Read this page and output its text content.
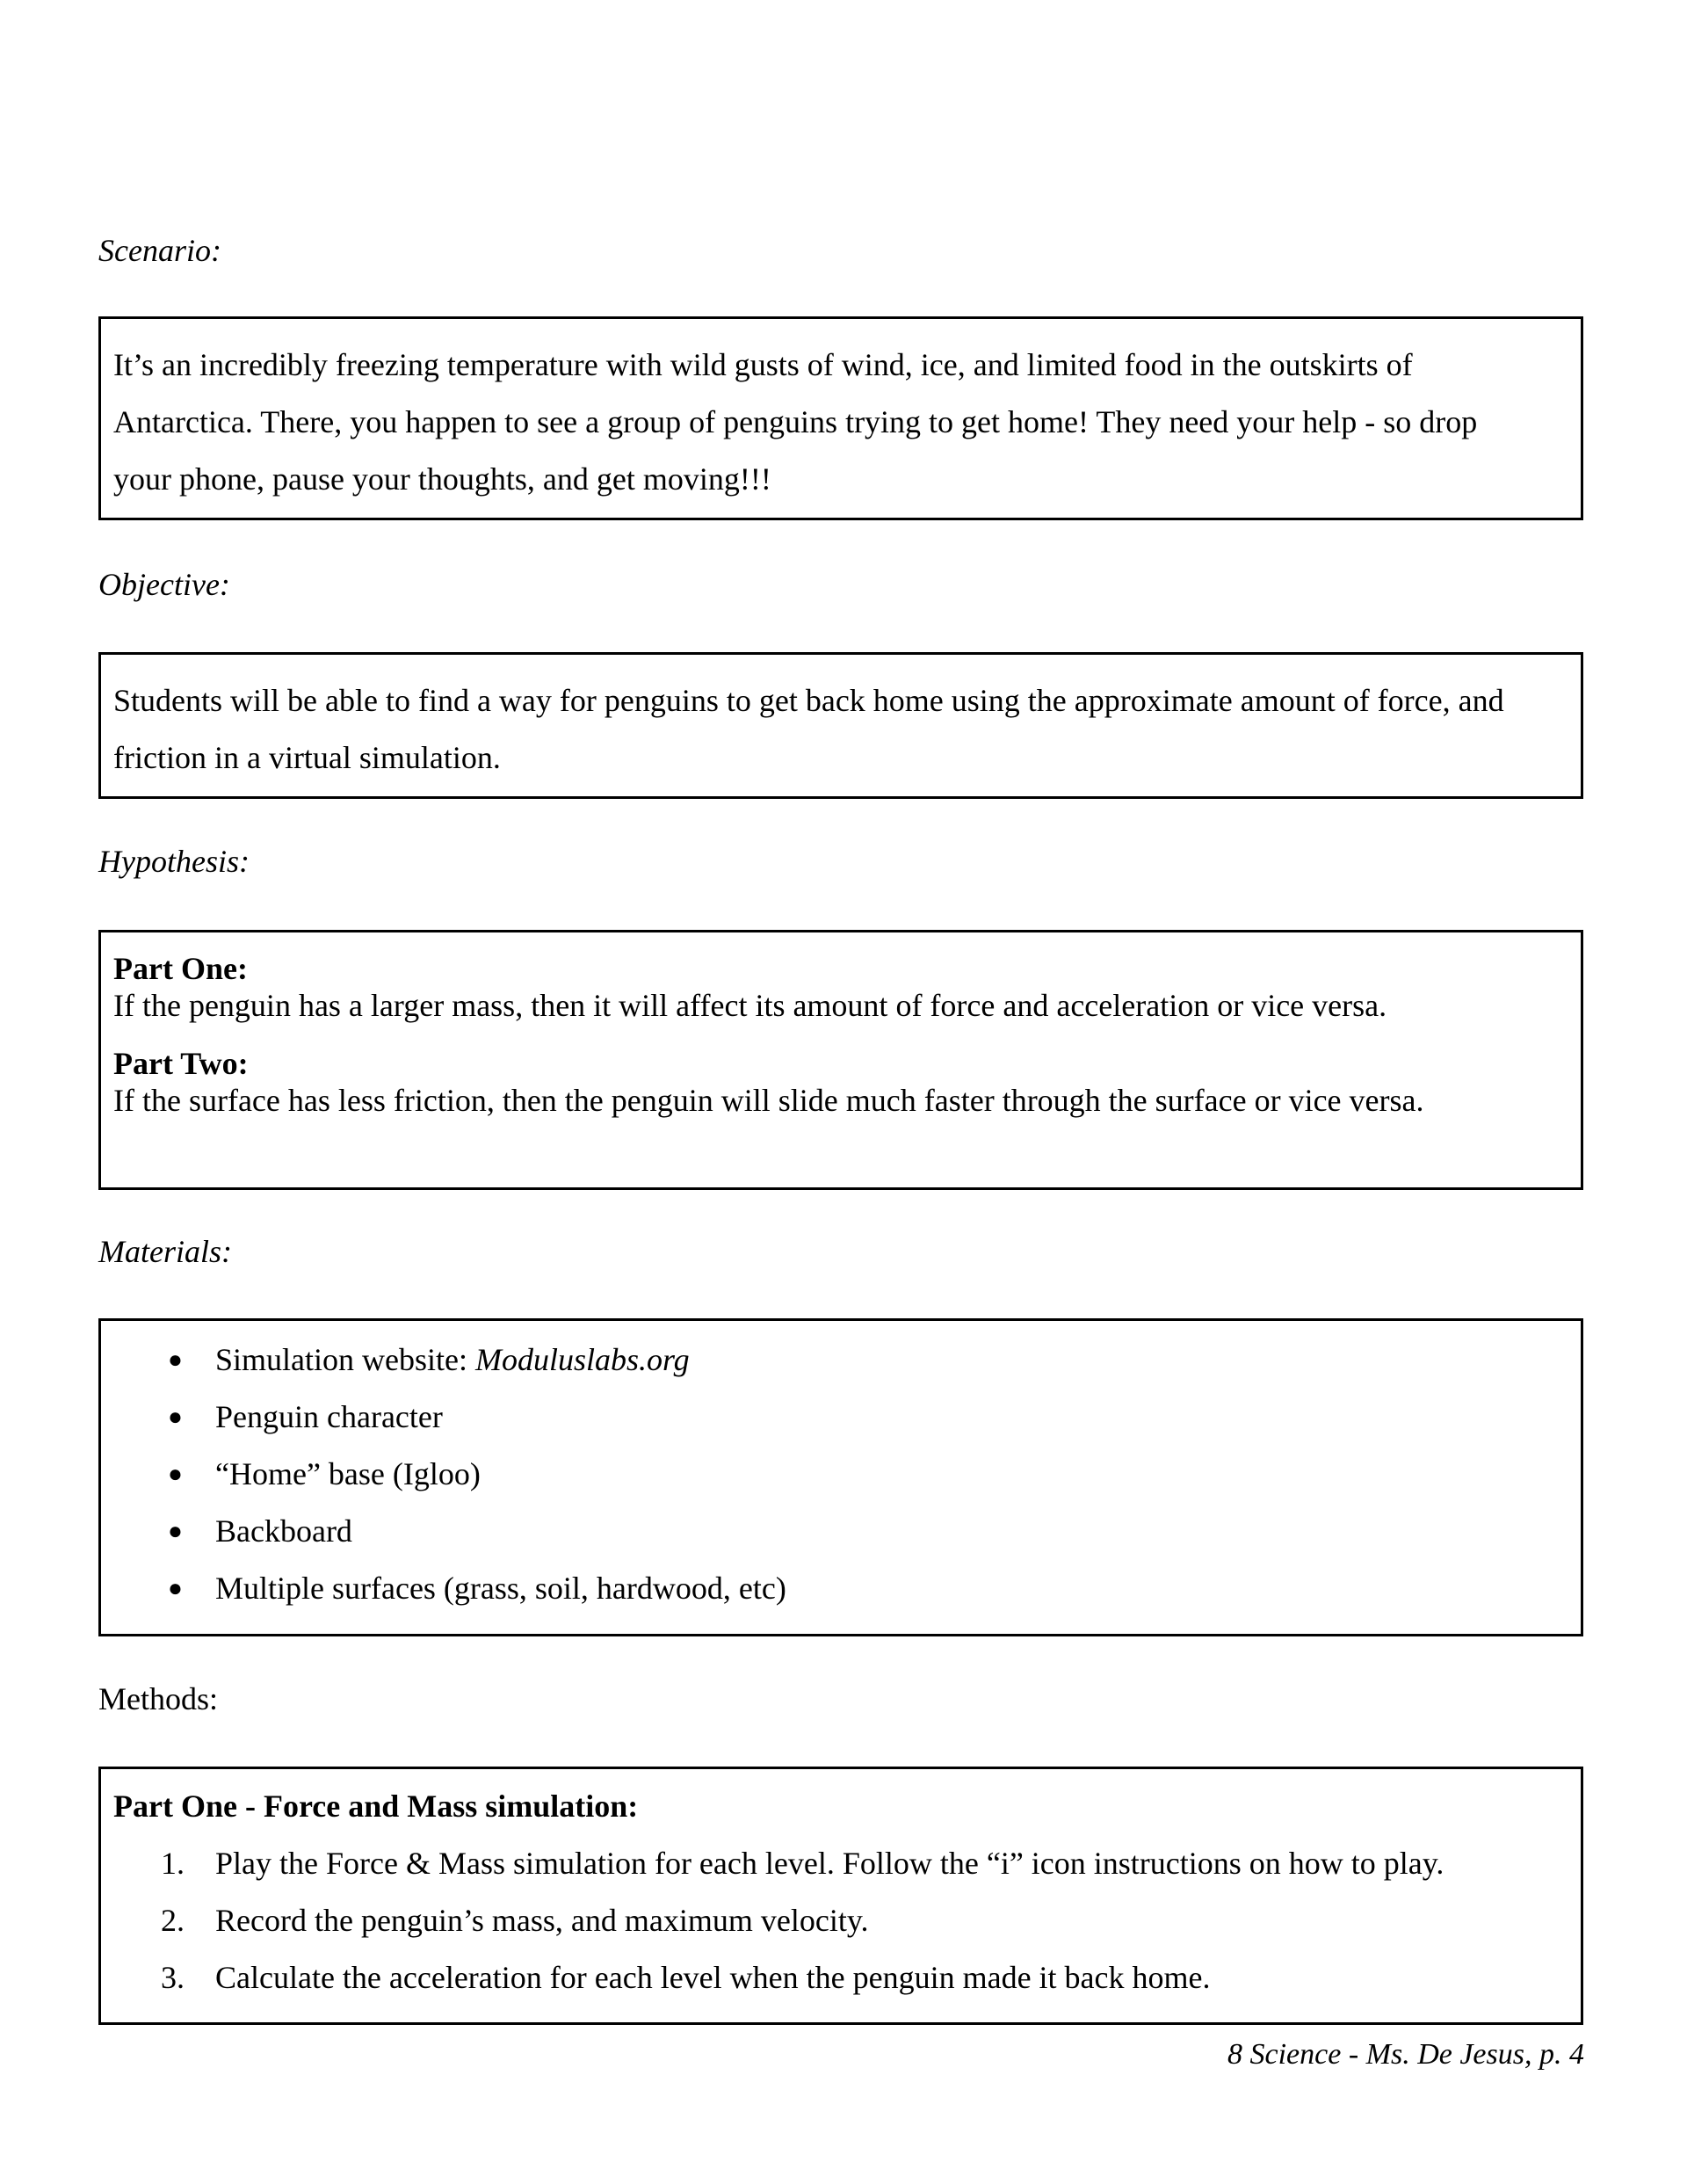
Scenario:

It’s an incredibly freezing temperature with wild gusts of wind, ice, and limited food in the outskirts of

Antarctica. There, you happen to see a group of penguins trying to get home! They need your help - so drop

your phone, pause your thoughts, and get moving!!!

Objective:

Students will be able to find a way for penguins to get back home using the approximate amount of force, and

friction in a virtual simulation.

Hypothesis:
Part One:
If the penguin has a larger mass, then it will affect its amount of force and acceleration or vice versa.
Part Two:
If the surface has less friction, then the penguin will slide much faster through the surface or vice versa.
Materials:
● Simulation website: Moduluslabs.org
● Penguin character
● “Home” base (Igloo)
● Backboard
● Multiple surfaces (grass, soil, hardwood, etc)
Methods:

Part One - Force and Mass simulation:

1. Play the Force & Mass simulation for each level. Follow the “i” icon instructions on how to play.
2. Record the penguin’s mass, and maximum velocity.
3. Calculate the acceleration for each level when the penguin made it back home.
8 Science - Ms. De Jesus, p. 4
